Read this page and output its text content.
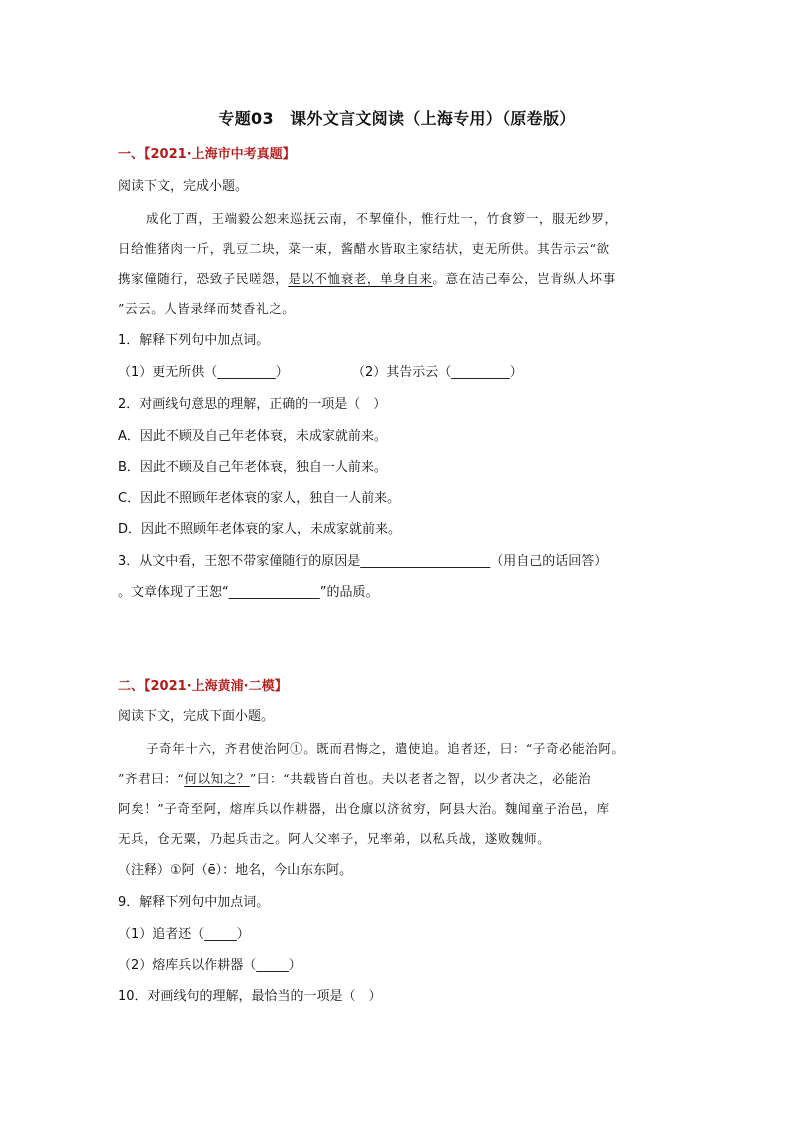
专题03　课外文言文阅读（上海专用）（原卷版）
一、【2021·上海市中考真题】
阅读下文，完成小题。
成化丁酉，王端毅公恕来巡抚云南，不挈僮仆，惟行灶一，竹食箩一，服无纱罗，
日给惟猪肉一斤，乳豆二块，菜一束，酱醋水皆取主家结状，吏无所供。其告示云“欲
携家僮随行，恐致子民嗟怨，是以不恤衰老，单身自来。意在洁己奉公，岂肯纵人坏事
”云云。人皆录绎而焚香礼之。
1．解释下列句中加点词。
（1）更无所供（_________）	（2）其告示云（_________）
2．对画线句意思的理解，正确的一项是（　）
A．因此不顾及自己年老体衰，未成家就前来。
B．因此不顾及自己年老体衰，独自一人前来。
C．因此不照顾年老体衰的家人，独自一人前来。
D．因此不照顾年老体衰的家人，未成家就前来。
3．从文中看，王恕不带家僮随行的原因是____________________（用自己的话回答）
。文章体现了王恕“______________”的品质。
二、【2021·上海黄浦·二模】
阅读下文，完成下面小题。
子奇年十六，齐君使治阿①。既而君悔之，遣使追。追者还，曰：“子奇必能治阿。
”齐君曰：“何以知之？”曰：“共载皆白首也。夫以老者之智，以少者决之，必能治
阿矣！”子奇至阿，熔库兵以作耕器，出仓廪以济贫穷，阿县大治。魏闻童子治邑，库
无兵，仓无粟，乃起兵击之。阿人父率子，兄率弟，以私兵战，遂败魏师。
（注释）①阿（ē）：地名，今山东东阿。
9．解释下列句中加点词。
（1）追者还（_____）
（2）熔库兵以作耕器（_____）
10．对画线句的理解，最恰当的一项是（　）
